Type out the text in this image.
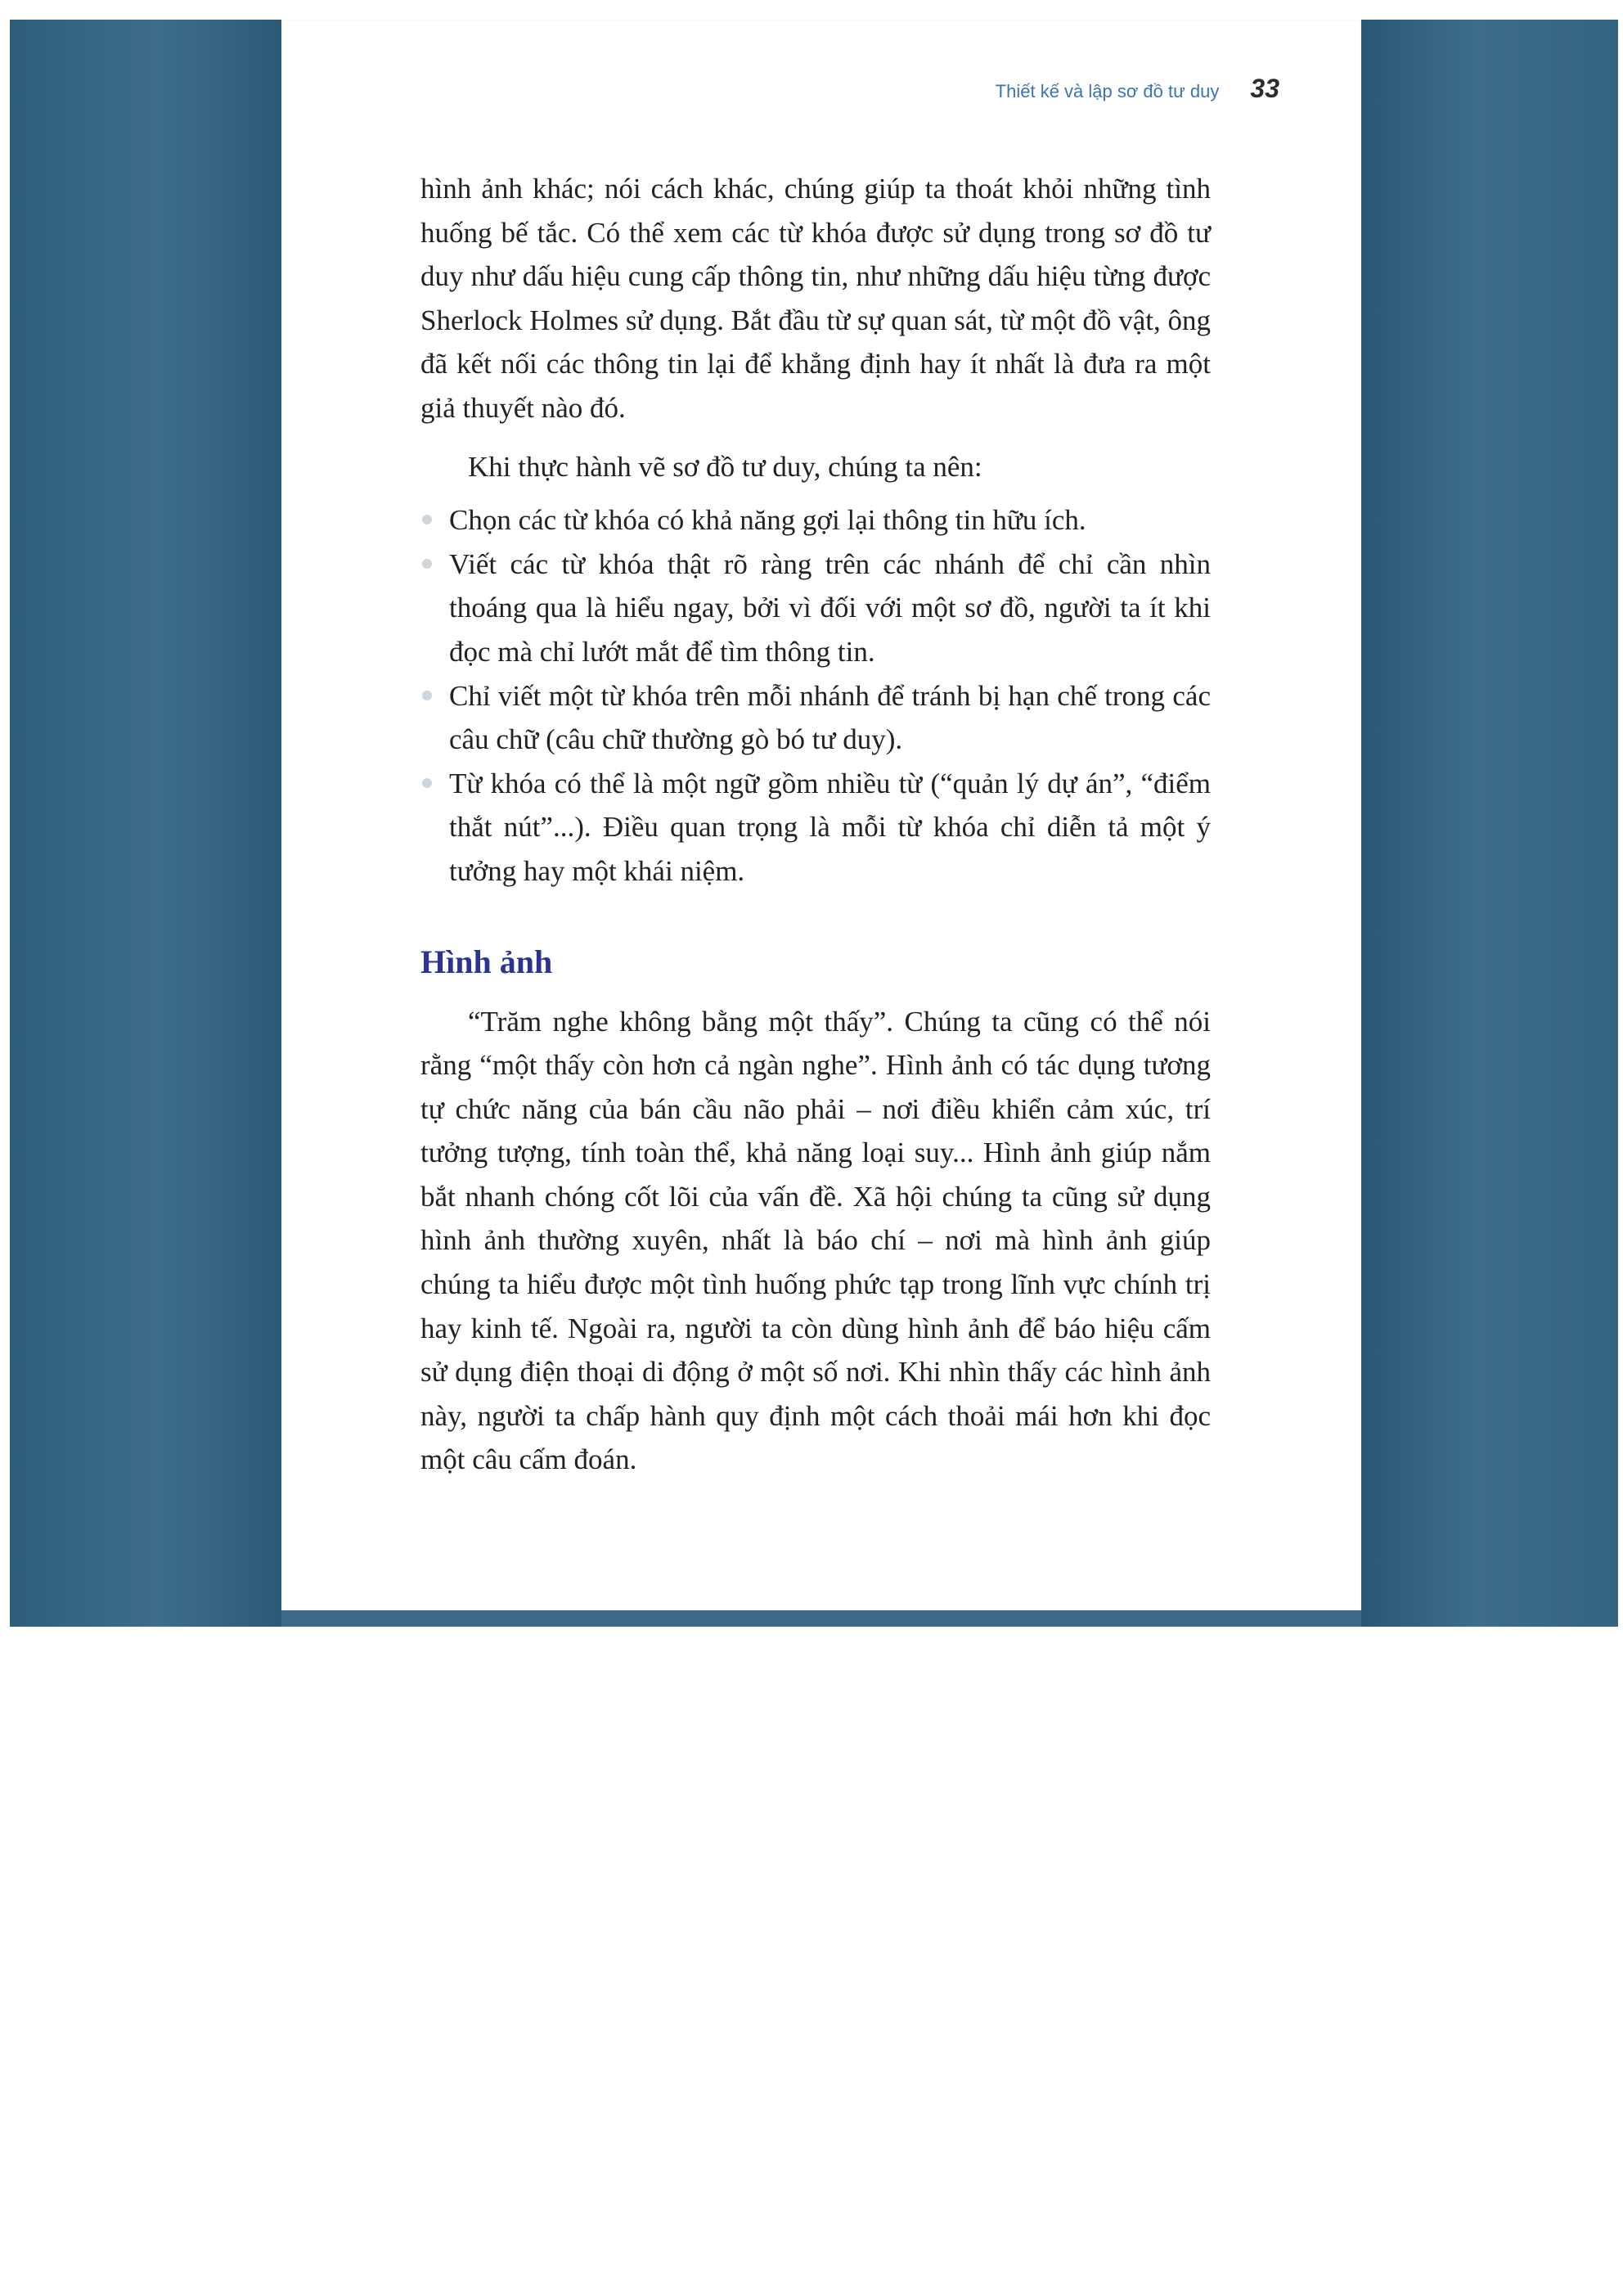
Thiết kế và lập sơ đồ tư duy 33

hình ảnh khác; nói cách khác, chúng giúp ta thoát khỏi những tình huống bế tắc. Có thể xem các từ khóa được sử dụng trong sơ đồ tư duy như dấu hiệu cung cấp thông tin, như những dấu hiệu từng được Sherlock Holmes sử dụng. Bắt đầu từ sự quan sát, từ một đồ vật, ông đã kết nối các thông tin lại để khẳng định hay ít nhất là đưa ra một giả thuyết nào đó.

Khi thực hành vẽ sơ đồ tư duy, chúng ta nên:

Chọn các từ khóa có khả năng gợi lại thông tin hữu ích.
Viết các từ khóa thật rõ ràng trên các nhánh để chỉ cần nhìn thoáng qua là hiểu ngay, bởi vì đối với một sơ đồ, người ta ít khi đọc mà chỉ lướt mắt để tìm thông tin.
Chỉ viết một từ khóa trên mỗi nhánh để tránh bị hạn chế trong các câu chữ (câu chữ thường gò bó tư duy).
Từ khóa có thể là một ngữ gồm nhiều từ (“quản lý dự án”, “điểm thắt nút”...). Điều quan trọng là mỗi từ khóa chỉ diễn tả một ý tưởng hay một khái niệm.
Hình ảnh

“Trăm nghe không bằng một thấy”. Chúng ta cũng có thể nói rằng “một thấy còn hơn cả ngàn nghe”. Hình ảnh có tác dụng tương tự chức năng của bán cầu não phải – nơi điều khiển cảm xúc, trí tưởng tượng, tính toàn thể, khả năng loại suy... Hình ảnh giúp nắm bắt nhanh chóng cốt lõi của vấn đề. Xã hội chúng ta cũng sử dụng hình ảnh thường xuyên, nhất là báo chí – nơi mà hình ảnh giúp chúng ta hiểu được một tình huống phức tạp trong lĩnh vực chính trị hay kinh tế. Ngoài ra, người ta còn dùng hình ảnh để báo hiệu cấm sử dụng điện thoại di động ở một số nơi. Khi nhìn thấy các hình ảnh này, người ta chấp hành quy định một cách thoải mái hơn khi đọc một câu cấm đoán.
